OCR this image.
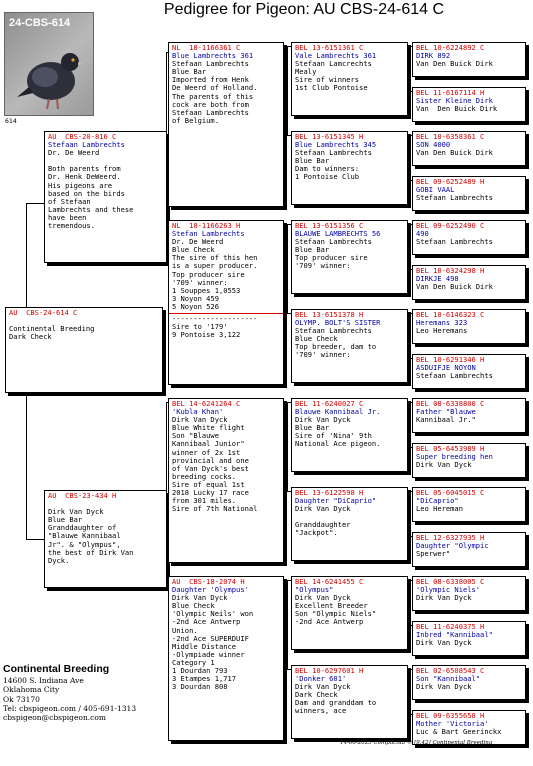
Pedigree for Pigeon: AU CBS-24-614 C
24-CBS-614
614
AU  CBS-24-614 C

Continental Breeding
Dark Check
AU  CBS-20-816 C
Stefaan Lambrechts
Dr. De Weerd

Both parents from
Dr. Henk DeWeerd.
His pigeons are
based on the birds
of Stefaan
Lambrechts and these
have been
tremendous.
AU  CBS-23-434 H

Dirk Van Dyck
Blue Bar
Granddaughter of
"Blauwe Kannibaal
Jr". & "Olympus",
the best of Dirk Van
Dyck.
NL  18-1166361 C
Blue Lambrechts 361
Stefaan Lambrechts
Blue Bar
Imported from Henk
De Weerd of Holland.
The parents of this
cock are both from
Stefaan Lambrechts
of Belgium.
NL  18-1166263 H
Stefan Lambrechts
Dr. De Weerd
Blue Check
The sire of this hen
is a super producer.
Top producer sire
'709' winner:
1 Souppes 1,0553
3 Noyon 459
5 Noyon 526
--------------------
Sire to '179'
9 Pontoise 3,122
BEL 14-6241264 C
'Kubla Khan'
Dirk Van Dyck
Blue White flight
Son "Blauwe
Kannibaal Junior"
winner of 2x 1st
provincial and one
of Van Dyck's best
breeding cocks.
Sire of equal 1st
2018 Lucky 17 race
from 301 miles.
Sire of 7th National
AU  CBS-18-2074 H
Daughter 'Olympus'
Dirk Van Dyck
Blue Check
'Olympic Neils' won
-2nd Ace Antwerp
Union.
-2nd Ace SUPERDUIF
Middle Distance
-Olympiade winner
Category 1
1 Dourdan 793
3 Etampes 1,717
3 Dourdan 808
BEL 13-6151361 C
Vale Lambrechts 361
Stefaan Lamcrechts
Mealy
Sire of winners
1st Club Pontoise
BEL 13-6151345 H
Blue Lambrechts 345
Stefaan Lambrechts
Blue Bar
Dam to winners:
1 Pontoise Club
BEL 13-6151356 C
BLAUWE LAMBRECHTS 56
Stefaan Lambrechts
Blue Bar
Top producer sire
'709' winner:
BEL 13-6151378 H
OLYMP. BOLT'S SISTER
Stefaan Lambrechts
Blue Check
Top breeder, dam to
'709' winner:
BEL 11-6240027 C
Blauwe Kannibaal Jr.
Dirk Van Dyck
Blue Bar
Sire of 'Nina' 9th
National Ace pigeon.
BEL 13-6122598 H
Daughter "DiCaprio"
Dirk Van Dyck

Granddaughter
"Jackpot".
BEL 14-6241455 C
"Olympus"
Dirk Van Dyck
Excellent Breeder
Son "Olympic Niels"
-2nd Ace Antwerp
BEL 10-6297601 H
'Donker 601'
Dirk Van Dyck
Dark Check
Dam and granddam to
winners, ace
BEL 10-6224892 C
DIRK 892
Van Den Buick Dirk
BEL 11-6167114 H
Sister Kleine Dirk
Van  Den Buick Dirk
BEL 10-6358361 C
SON 4000
Van Den Buick Dirk
BEL 09-6252489 H
GOBI VAAL
Stefaan Lambrechts
BEL 09-6252490 C
490
Stefaan Lambrechts
BEL 10-6324298 H
DIRKJE 498
Van Den Buick Dirk
BEL 10-6146323 C
Heremans 323
Leo Heremans
BEL 10-6291346 H
ASDUIFJE NOYON
Stefaan Lambrechts
BEL 08-6338800 C
Father "Blauwe
Kannibaal Jr."
BEL 05-6453989 H
Super breeding hen
Dirk Van Dyck
BEL 05-6045015 C
"DiCaprio"
Leo Hereman
BEL 12-6327935 H
Daughter "Olympic
Sperwer"
BEL 08-6338005 C
'Olympic Niels'
Dirk Van Dyck
BEL 11-6240375 H
Inbred "Kannibaal"
Dirk Van Dyck
BEL 02-6508543 C
Son "Kannibaal"
Dirk Van Dyck
BEL 09-6355658 H
Mother 'Victoria'
Luc & Bart Geerinckx
Continental Breeding
14600 S. Indiana Ave
Oklahoma City
Ok 73170
Tel: cbspigeon.com / 405-691-1313
cbspigeon@cbspigeon.com
14-06-2025 Compuclub © [9.42] Continental Breeding
